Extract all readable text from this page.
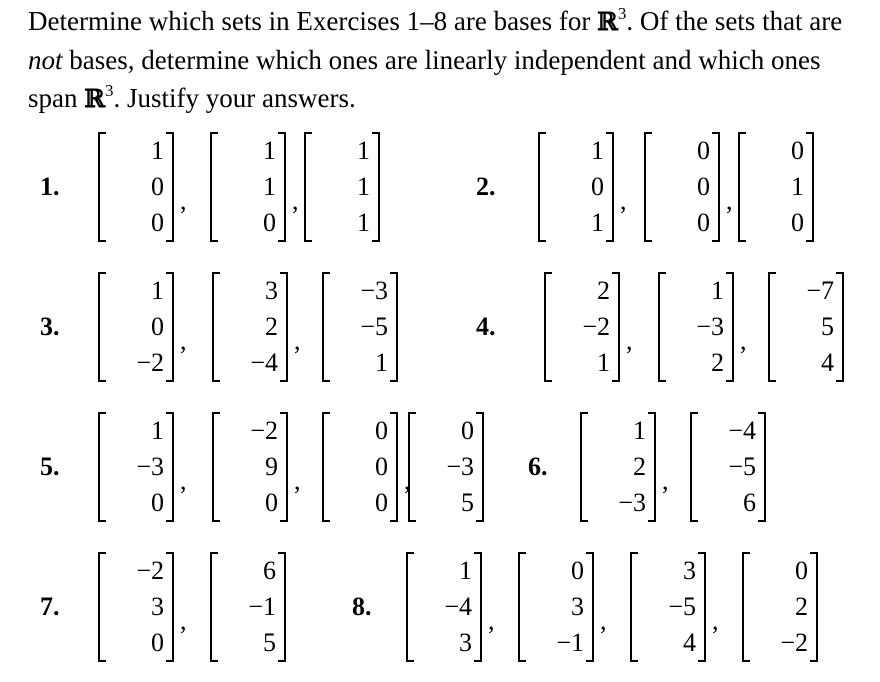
Determine which sets in Exercises 1–8 are bases for ℝ$^3$. Of the sets that are not bases, determine which ones are linearly independent and which ones span ℝ$^3$. Justify your answers.

1.
1
0
0
,
1
1
0
,
1
1
1
2.
1
0
1
,
0
0
0
,
0
1
0
3.
1
0
−2
,
3
2
−4
,
−3
−5
1
4.
2
−2
1
,
1
−3
2
,
−7
5
4
5.
1
−3
0
,
−2
9
0
,
0
0
0
,
0
−3
5
6.
1
2
−3
,
−4
−5
6
7.
−2
3
0
,
6
−1
5
8.
1
−4
3
,
0
3
−1
,
3
−5
4
,
0
2
−2
